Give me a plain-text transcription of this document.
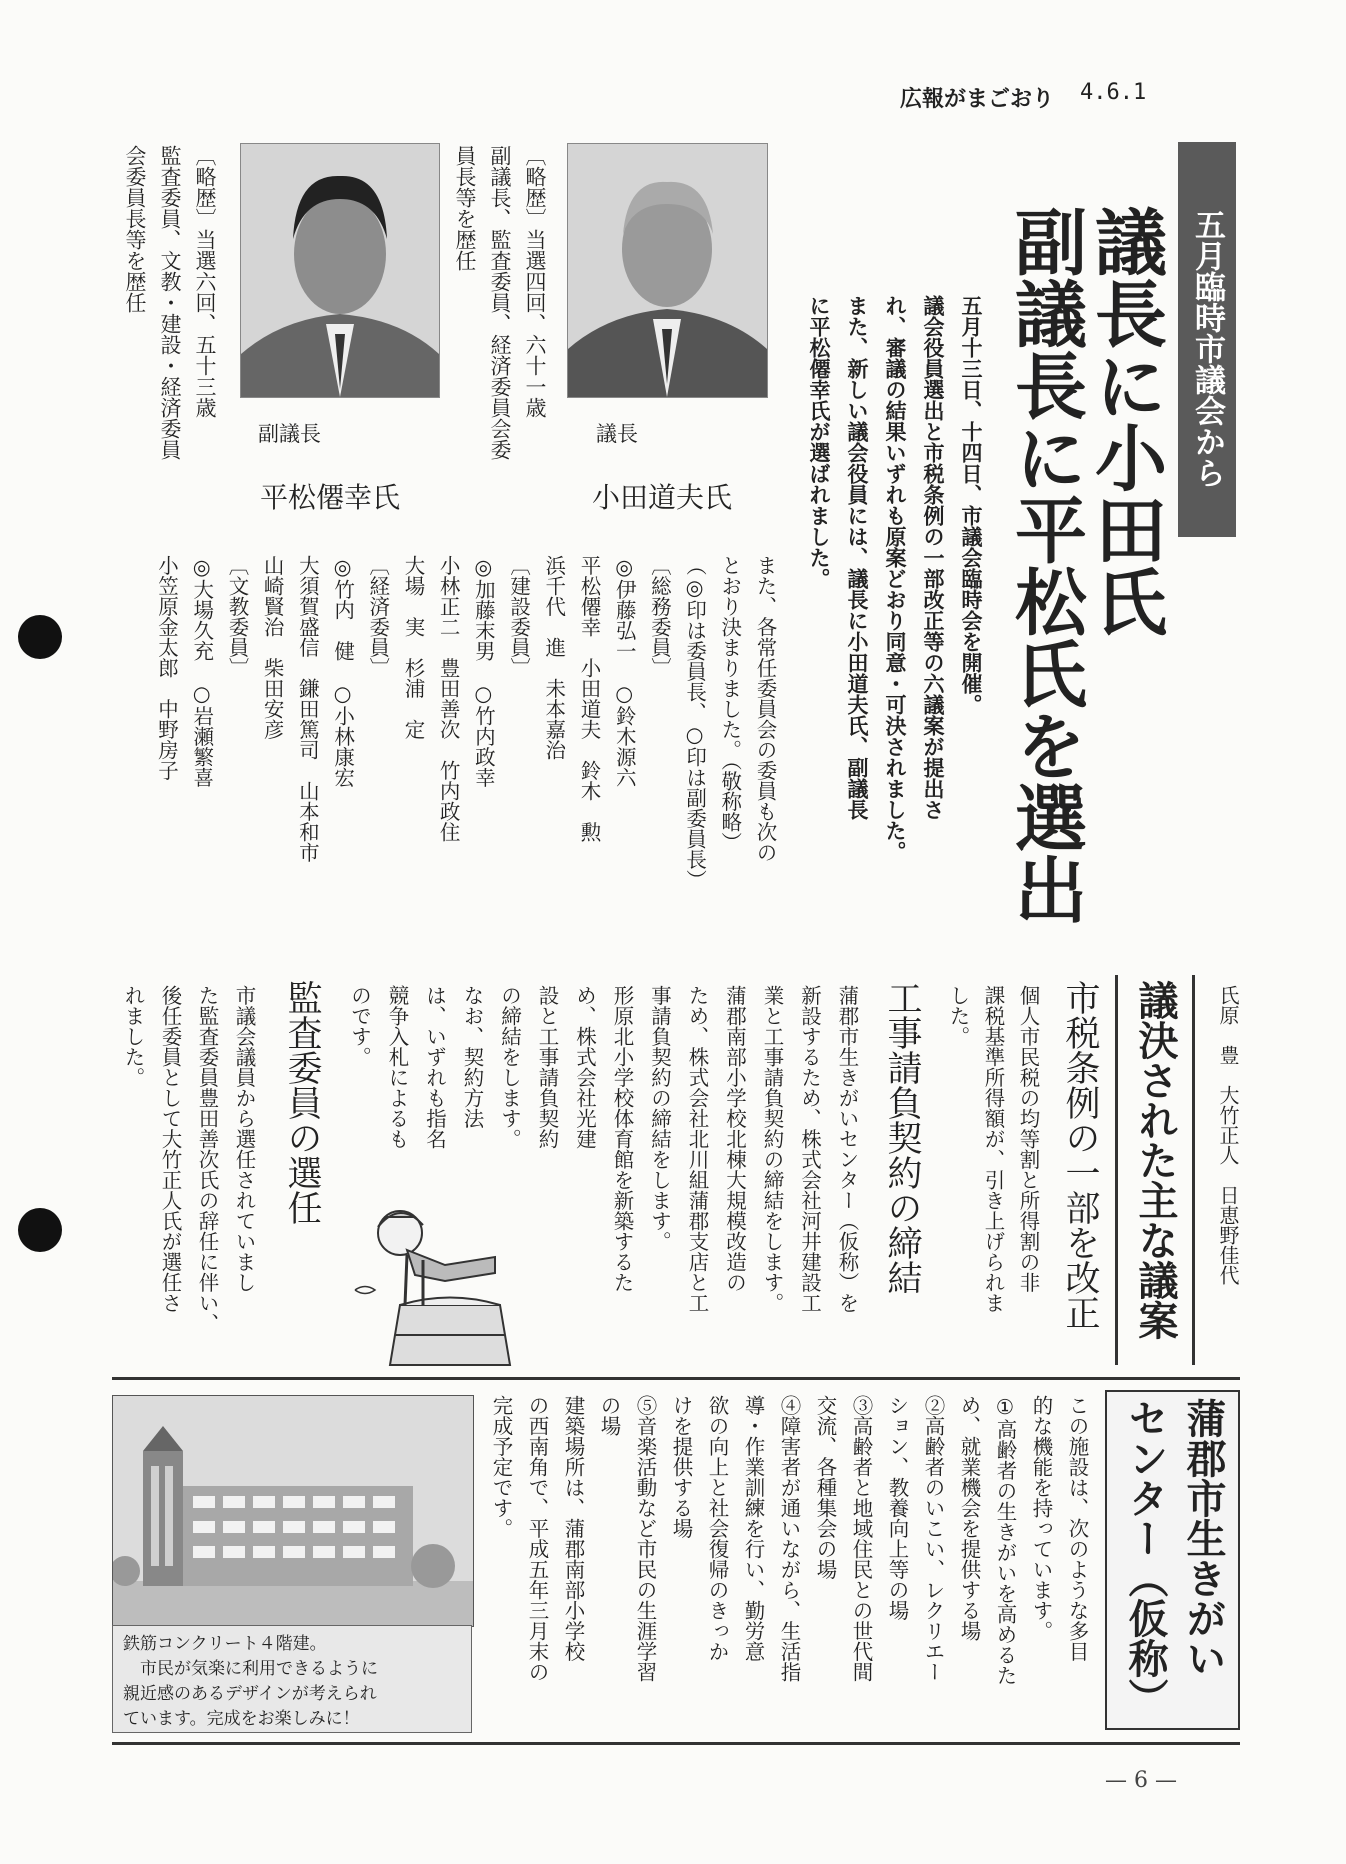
広報がまごおり 4.6.1
五月臨時市議会から
議長に小田氏
副議長に平松氏を選出
五月十三日、十四日、市議会臨時会を開催。
議会役員選出と市税条例の一部改正等の六議案が提出さ
れ、審議の結果いずれも原案どおり同意・可決されました。
また、新しい議会役員には、議長に小田道夫氏、副議長
に平松僊幸氏が選ばれました。
議長
小田道夫氏
副議長
平松僊幸氏
〔略歴〕当選四回、六十一歳
副議長、監査委員、経済委員会委
員長等を歴任
〔略歴〕当選六回、五十三歳
監査委員、文教・建設・経済委員
会委員長等を歴任
また、各常任委員会の委員も次の
とおり決まりました。（敬称略）
（◎印は委員長、○印は副委員長）
〔総務委員〕
◎伊藤弘一　○鈴木源六
平松僊幸　小田道夫　鈴木　勲
浜千代　進　未本嘉治
〔建設委員〕
◎加藤末男　○竹内政幸
小林正二　豊田善次　竹内政住
大場　実　杉浦　定
〔経済委員〕
◎竹内　健　○小林康宏
大須賀盛信　鎌田篤司　山本和市
山崎賢治　柴田安彦
〔文教委員〕
◎大場久充　○岩瀬繁喜
小笠原金太郎　中野房子
氏原　豊　大竹正人　日恵野佳代
議決された主な議案
市税条例の一部を改正
個人市民税の均等割と所得割の非
課税基準所得額が、引き上げられま
した。
工事請負契約の締結
蒲郡市生きがいセンター（仮称）を
新設するため、株式会社河井建設工
業と工事請負契約の締結をします。
蒲郡南部小学校北棟大規模改造の
ため、株式会社北川組蒲郡支店と工
事請負契約の締結をします。
形原北小学校体育館を新築するた
め、株式会社光建
設と工事請負契約
の締結をします。
なお、契約方法
は、いずれも指名
競争入札によるも
のです。
監査委員の選任
市議会議員から選任されていまし
た監査委員豊田善次氏の辞任に伴い、
後任委員として大竹正人氏が選任さ
れました。
蒲郡市生きがい
センター（仮称）
この施設は、次のような多目
的な機能を持っています。
①高齢者の生きがいを高めるた
め、就業機会を提供する場
②高齢者のいこい、レクリエー
ション、教養向上等の場
③高齢者と地域住民との世代間
交流、各種集会の場
④障害者が通いながら、生活指
導・作業訓練を行い、勤労意
欲の向上と社会復帰のきっか
けを提供する場
⑤音楽活動など市民の生涯学習
の場
建築場所は、蒲郡南部小学校
の西南角で、平成五年三月末の
完成予定です。
鉄筋コンクリート４階建。
　市民が気楽に利用できるように
親近感のあるデザインが考えられ
ています。完成をお楽しみに！
— 6 —
